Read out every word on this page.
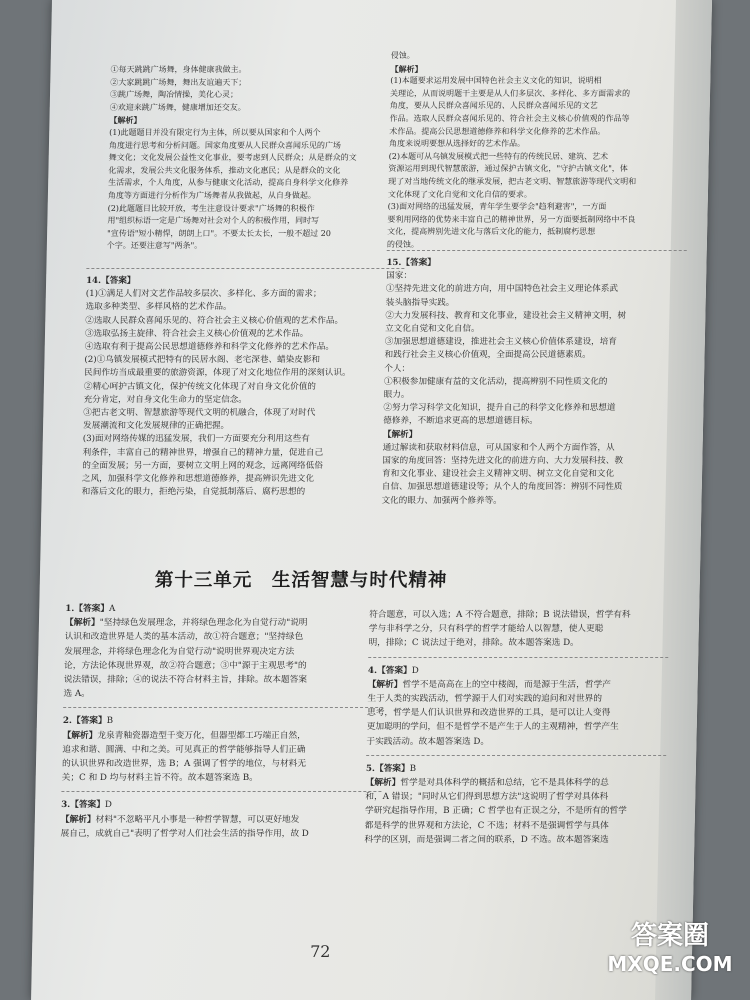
①每天跳跳广场舞，身体健康我做主。

②大家跳跳广场舞，舞出友谊遍天下；

③跳广场舞，陶冶情操，美化心灵；

④欢迎来跳广场舞，健康增加还交友。

【解析】

(1)此题题目并没有限定行为主体，所以要从国家和个人两个

角度进行思考和分析问题。国家角度要从人民群众喜闻乐见的广场

舞文化；文化发展公益性文化事业，要考虑到人民群众；从是群众的文

化需求，发展公共文化服务体系，推动文化惠民；从是群众的文化

生活需求，个人角度，从参与健康文化活动，提高自身科学文化修养

角度等方面进行分析作为广场舞者从我做起，从自身做起。

(2)此题题目比较开放，考生注意设计要求"广场舞的积极作

用"组织标语一定是广场舞对社会对个人的积极作用，同时写

"宣传语"短小精悍，朗朗上口"。不要太长太长，一般不超过 20

个字。还要注意写"两条"。

侵蚀。

【解析】

(1)本题要求运用发展中国特色社会主义文化的知识，说明相

关理论，从而说明题干主要是从人们多层次、多样化、多方面需求的

角度，要从人民群众喜闻乐见的、人民群众喜闻乐见的文艺

作品。选取人民群众喜闻乐见的、符合社会主义核心价值观的作品等

术作品。提高公民思想道德修养和科学文化修养的艺术作品。

角度来说明要想从选择好的艺术作品。

(2)本题可从乌镇发展模式把一些特有的传统民居、建筑、艺术

资源运用到现代智慧旅游，通过保护古镇文化，"守护古镇文化"，体

现了对当地传统文化的继承发展，把古老文明、智慧旅游等现代文明和

文化体现了文化自觉和文化自信的要求。

(3)面对网络的迅猛发展，青年学生要学会"趋利避害"，一方面

要利用网络的优势来丰富自己的精神世界，另一方面要抵制网络中不良

文化，提高辨别先进文化与落后文化的能力，抵制腐朽思想

的侵蚀。

14.【答案】

(1)①满足人们对文艺作品较多层次、多样化、多方面的需求；

选取多种类型、多样风格的艺术作品。

②选取人民群众喜闻乐见的、符合社会主义核心价值观的艺术作品。

③选取弘扬主旋律、符合社会主义核心价值观的艺术作品。

④选取有利于提高公民思想道德修养和科学文化修养的艺术作品。

(2)①乌镇发展模式把特有的民居水阁、老宅深巷、蜡染皮影和

民间作坊当成最重要的旅游资源，体现了对文化地位作用的深刻认识。

②精心呵护古镇文化，保护传统文化体现了对自身文化价值的

充分肯定，对自身文化生命力的坚定信念。

③把古老文明、智慧旅游等现代文明的机融合，体现了对时代

发展潮流和文化发展规律的正确把握。

(3)面对网络传媒的迅猛发展，我们一方面要充分利用这些有

利条件，丰富自己的精神世界，增强自己的精神力量，促进自己

的全面发展；另一方面，要树立文明上网的观念，远离网络低俗

之风，加强科学文化修养和思想道德修养，提高辨识先进文化

和落后文化的眼力，拒绝污染，自觉抵制落后、腐朽思想的

15.【答案】

国家：

①坚持先进文化的前进方向，用中国特色社会主义理论体系武

装头脑指导实践。

②大力发展科技、教育和文化事业，建设社会主义精神文明，树

立文化自觉和文化自信。

③加强思想道德建设，推进社会主义核心价值体系建设，培育

和践行社会主义核心价值观，全面提高公民道德素质。

个人：

①积极参加健康有益的文化活动，提高辨别不同性质文化的

眼力。

②努力学习科学文化知识，提升自己的科学文化修养和思想道

德修养，不断追求更高的思想道德目标。

【解析】

通过解读和获取材料信息，可从国家和个人两个方面作答，从

国家的角度回答：坚持先进文化的前进方向、大力发展科技、教

育和文化事业、建设社会主义精神文明、树立文化自觉和文化

自信、加强思想道德建设等；从个人的角度回答：辨别不同性质

文化的眼力、加强两个修养等。

第十三单元　生活智慧与时代精神

1.【答案】A

【解析】"坚持绿色发展理念，并将绿色理念化为自觉行动"说明

认识和改造世界是人类的基本活动，故①符合题意；"坚持绿色

发展理念，并将绿色理念化为自觉行动"说明世界观决定方法

论，方法论体现世界观，故②符合题意；③中"源于主观思考"的

说法错误，排除；④的说法不符合材料主旨，排除。故本题答案

选 A。

2.【答案】B

【解析】龙泉青釉瓷器造型千变万化，但器型都工巧端正自然，

追求和谐、圆满、中和之美。可见真正的哲学能够指导人们正确

的认识世界和改造世界，选 B；A 强调了哲学的地位，与材料无

关；C 和 D 均与材料主旨不符。故本题答案选 B。

3.【答案】D

【解析】材料"不忽略平凡小事是一种哲学智慧，可以更好地发

展自己，成就自己"表明了哲学对人们社会生活的指导作用，故 D

符合题意，可以入选；A 不符合题意，排除；B 说法错误，哲学有科

学与非科学之分，只有科学的哲学才能给人以智慧，使人更聪

明，排除；C 说法过于绝对，排除。故本题答案选 D。

4.【答案】D

【解析】哲学不是高高在上的空中楼阁，而是源于生活，哲学产

生于人类的实践活动，哲学源于人们对实践的追问和对世界的

思考，哲学是人们认识世界和改造世界的工具，是可以让人变得

更加聪明的学问，但不是哲学不是产生于人的主观精神，哲学产生

于实践活动。故本题答案选 D。

5.【答案】B

【解析】哲学是对具体科学的概括和总结，它不是具体科学的总

和，A 错误；"同时从它们得到思想方法"这说明了哲学对具体科

学研究起指导作用，B 正确；C 哲学也有正误之分，不是所有的哲学

都是科学的世界观和方法论，C 不选；材料不是强调哲学与具体

科学的区别，而是强调二者之间的联系，D 不选。故本题答案选

72
答案圈
MXQE.COM
